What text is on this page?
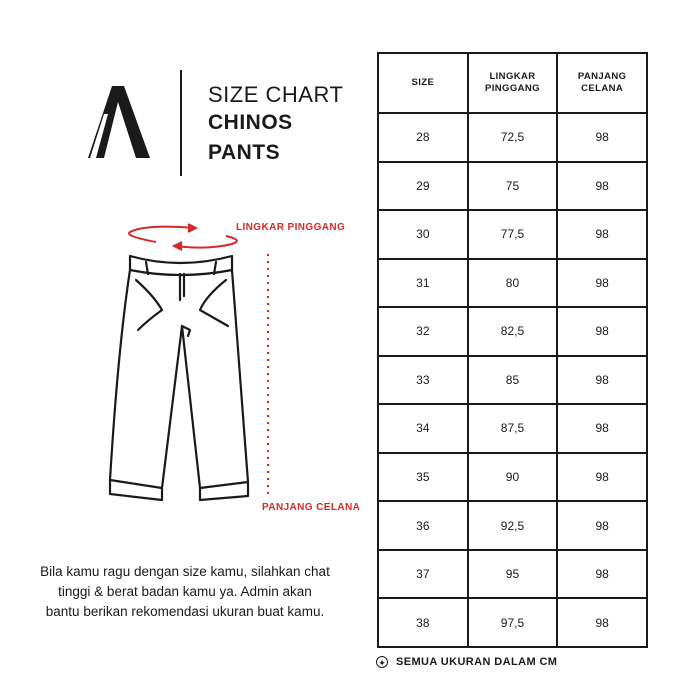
SIZE CHART
CHINOS
PANTS
LINGKAR PINGGANG
PANJANG CELANA
Bila kamu ragu dengan size kamu, silahkan chat tinggi & berat badan kamu ya. Admin akan bantu berikan rekomendasi ukuran buat kamu.
SIZE	LINGKAR PINGGANG	PANJANG CELANA
28	72,5	98
29	75	98
30	77,5	98
31	80	98
32	82,5	98
33	85	98
34	87,5	98
35	90	98
36	92,5	98
37	95	98
38	97,5	98
✦ SEMUA UKURAN DALAM CM
